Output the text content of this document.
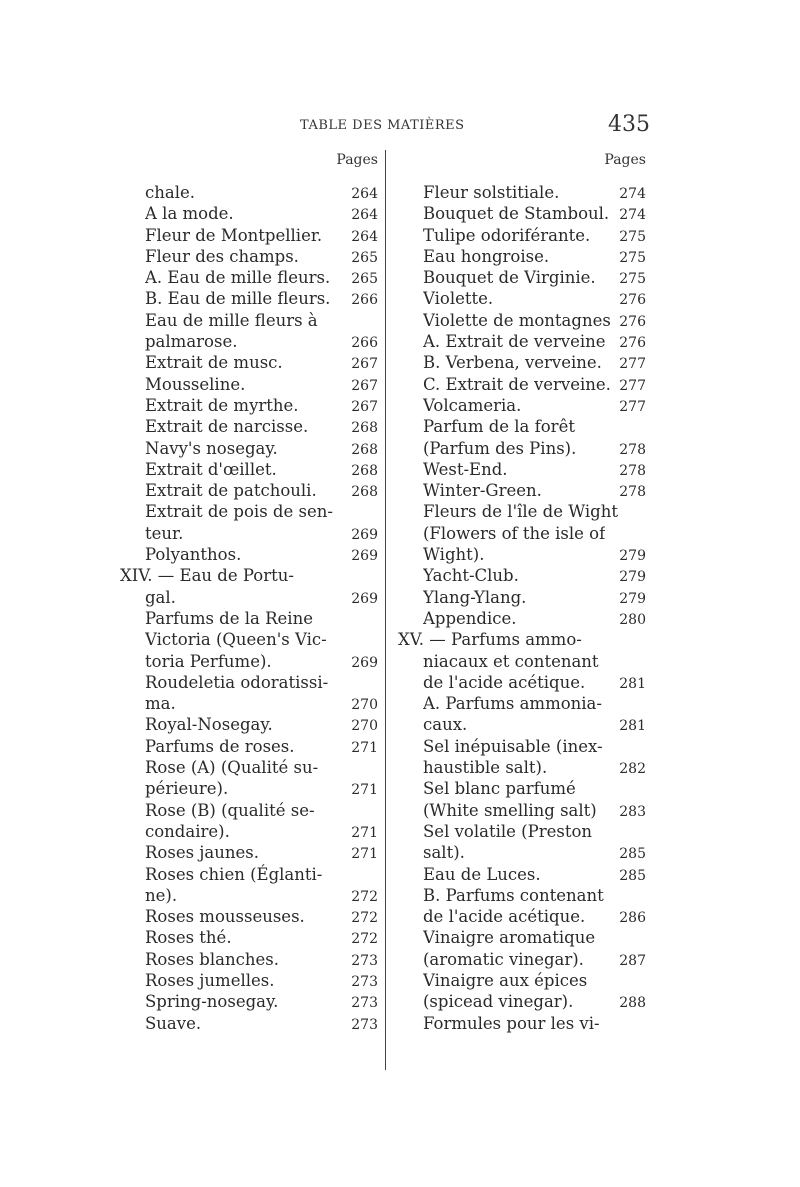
TABLE DES MATIÈRES	435
Pages
chale.	264
A la mode.	264
Fleur de Montpellier.	264
Fleur des champs.	265
A. Eau de mille fleurs.	265
B. Eau de mille fleurs.	266
Eau de mille fleurs à
palmarose.	266
Extrait de musc.	267
Mousseline.	267
Extrait de myrthe.	267
Extrait de narcisse.	268
Navy's nosegay.	268
Extrait d'œillet.	268
Extrait de patchouli.	268
Extrait de pois de sen-
teur.	269
Polyanthos.	269
XIV. — Eau de Portu-
gal.	269
Parfums de la Reine
Victoria (Queen's Vic-
toria Perfume).	269
Roudeletia odoratissi-
ma.	270
Royal-Nosegay.	270
Parfums de roses.	271
Rose (A) (Qualité su-
périeure).	271
Rose (B) (qualité se-
condaire).	271
Roses jaunes.	271
Roses chien (Églanti-
ne).	272
Roses mousseuses.	272
Roses thé.	272
Roses blanches.	273
Roses jumelles.	273
Spring-nosegay.	273
Suave.	273
Pages
Fleur solstitiale.	274
Bouquet de Stamboul. 274
Tulipe odoriférante.	275
Eau hongroise.	275
Bouquet de Virginie.	275
Violette.	276
Violette de montagnes 276
A. Extrait de verveine 276
B. Verbena, verveine.	277
C. Extrait de verveine. 277
Volcameria.	277
Parfum de la forêt
(Parfum des Pins).	278
West-End.	278
Winter-Green.	278
Fleurs de l'île de Wight
(Flowers of the isle of
Wight).	279
Yacht-Club.	279
Ylang-Ylang.	279
Appendice.	280
XV. — Parfums ammo-
niacaux et contenant
de l'acide acétique.	281
A. Parfums ammonia-
caux.	281
Sel inépuisable (inex-
haustible salt).	282
Sel blanc parfumé
(White smelling salt)	283
Sel volatile (Preston
salt).	285
Eau de Luces.	285
B. Parfums contenant
de l'acide acétique.	286
Vinaigre aromatique
(aromatic vinegar).	287
Vinaigre aux épices
(spicead vinegar).	288
Formules pour les vi-
